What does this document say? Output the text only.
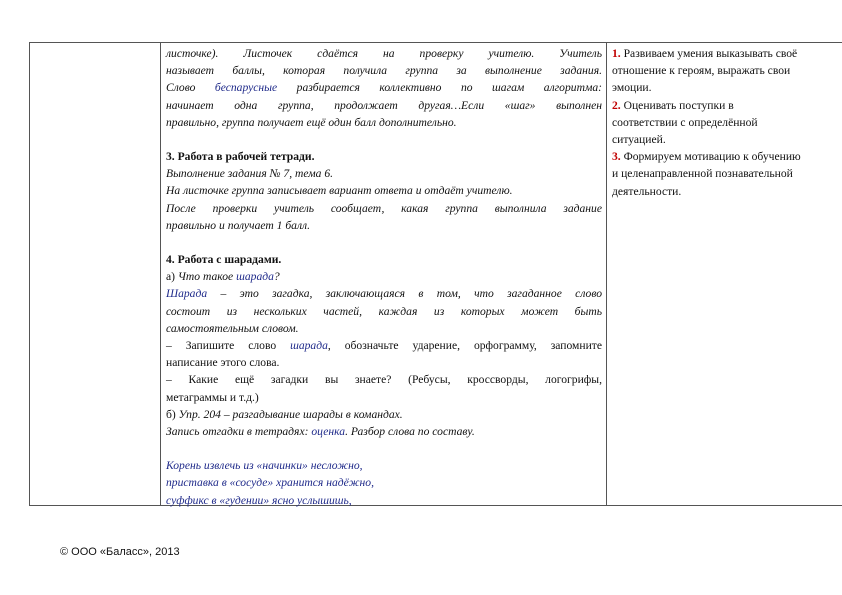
листочке). Листочек сдаётся на проверку учителю. Учитель

называет баллы, которая получила группа за выполнение задания.

Слово беспарусные разбирается коллективно по шагам алгоритма:

начинает одна группа, продолжает другая…Если «шаг» выполнен

правильно, группа получает ещё один балл дополнительно.

3. Работа в рабочей тетради.

Выполнение задания № 7, тема 6.

На листочке группа записывает вариант ответа и отдаёт учителю.

После проверки учитель сообщает, какая группа выполнила задание

правильно и получает 1 балл.

4. Работа с шарадами.

а) Что такое шарада?

Шарада – это загадка, заключающаяся в том, что загаданное слово

состоит из нескольких частей, каждая из которых может быть

самостоятельным словом.

– Запишите слово шарада, обозначьте ударение, орфограмму, запомните

написание этого слова.

– Какие ещё загадки вы знаете? (Ребусы, кроссворды, логогрифы,

метаграммы и т.д.)

б) Упр. 204 – разгадывание шарады в командах.

Запись отгадки в тетрадях: оценка. Разбор слова по составу.

Корень извлечь из «начинки» несложно,

приставка в «сосуде» хранится надёжно,

суффикс в «гудении» ясно услышишь,

1. Развиваем умения выказывать своё

отношение к героям, выражать свои

эмоции.

2. Оценивать поступки в

соответствии с определённой

ситуацией.

3. Формируем мотивацию к обучению

и целенаправленной познавательной

деятельности.

© ООО «Баласс», 2013
